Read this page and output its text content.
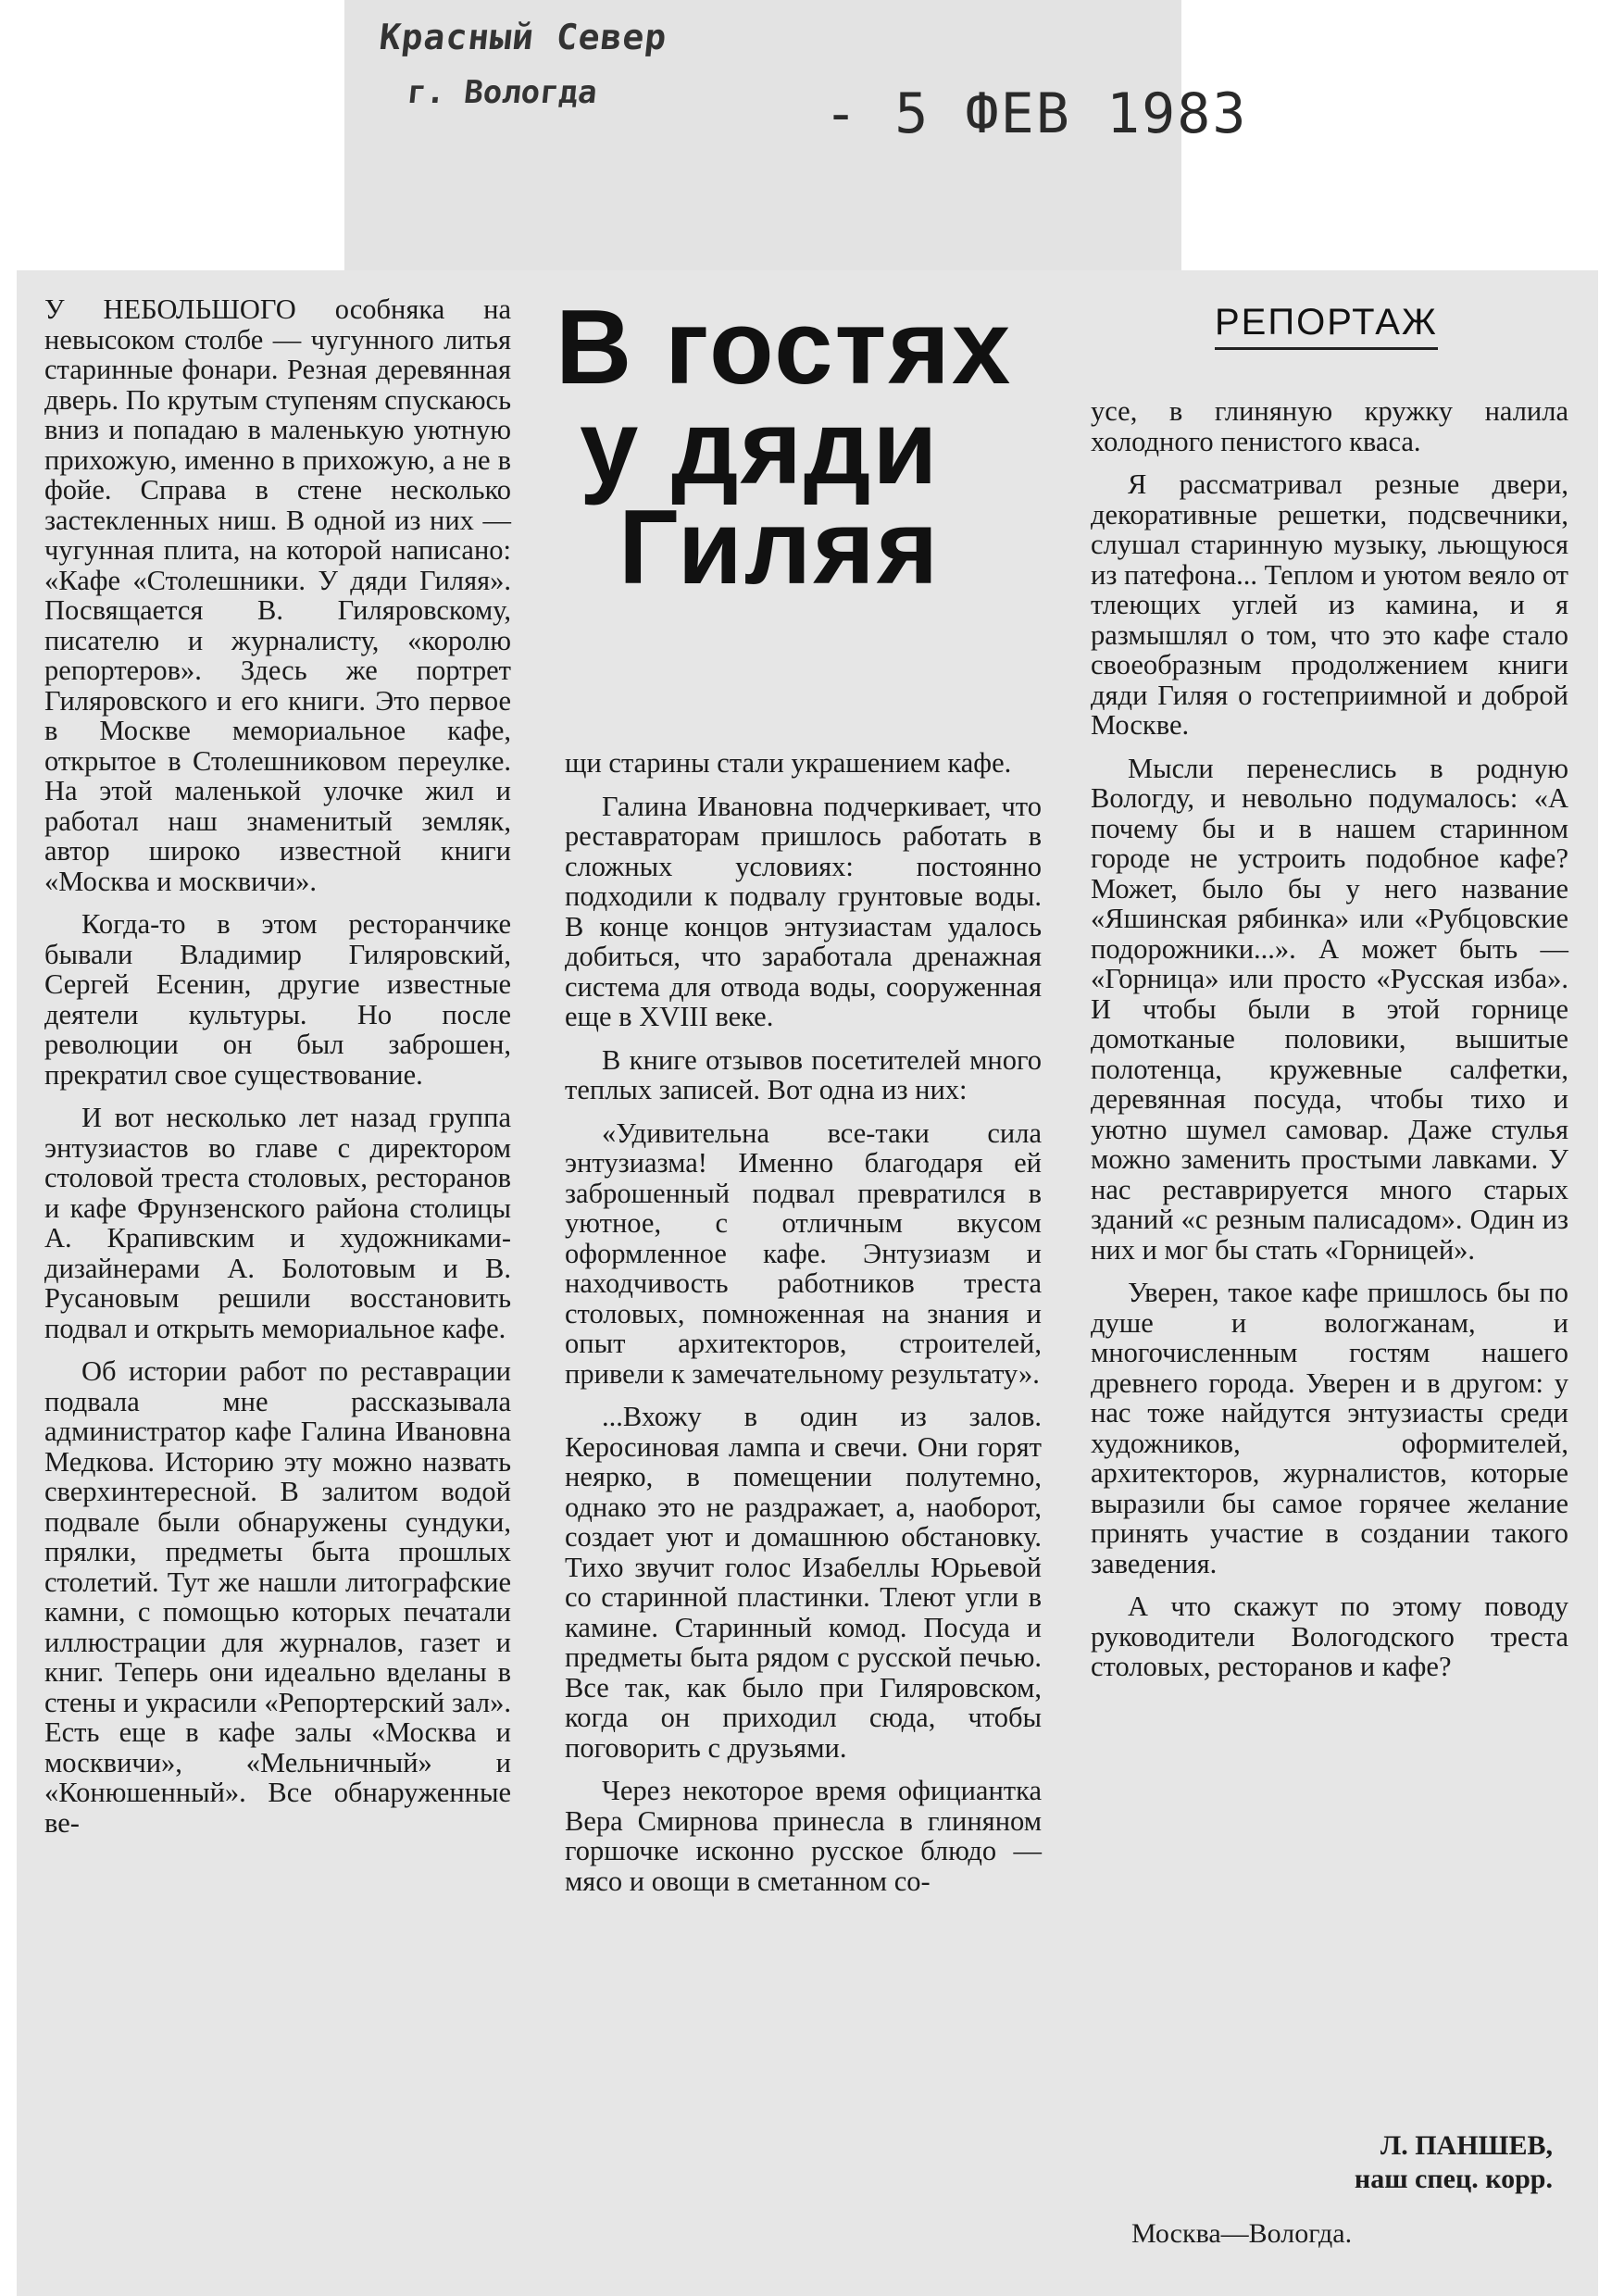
Красный Север
г. Вологда	- 5 ФЕВ 1983
В гостях
у дяди
Гиляя
РЕПОРТАЖ

У НЕБОЛЬШОГО особняка на невысоком столбе — чугунного литья старинные фонари. Резная деревянная дверь. По крутым ступеням спускаюсь вниз и попадаю в маленькую уютную прихожую, именно в прихожую, а не в фойе. Справа в стене несколько застекленных ниш. В одной из них — чугунная плита, на которой написано: «Кафе «Столешники. У дяди Гиляя». Посвящается В. Гиляровскому, писателю и журналисту, «королю репортеров». Здесь же портрет Гиляровского и его книги. Это первое в Москве мемориальное кафе, открытое в Столешниковом переулке. На этой маленькой улочке жил и работал наш знаменитый земляк, автор широко известной книги «Москва и москвичи».

Когда-то в этом ресторанчике бывали Владимир Гиляровский, Сергей Есенин, другие известные деятели культуры. Но после революции он был заброшен, прекратил свое существование.

И вот несколько лет назад группа энтузиастов во главе с директором столовой треста столовых, ресторанов и кафе Фрунзенского района столицы А. Крапивским и художниками-дизайнерами А. Болотовым и В. Русановым решили восстановить подвал и открыть мемориальное кафе.

Об истории работ по реставрации подвала мне рассказывала администратор кафе Галина Ивановна Медкова. Историю эту можно назвать сверхинтересной. В залитом водой подвале были обнаружены сундуки, прялки, предметы быта прошлых столетий. Тут же нашли литографские камни, с помощью которых печатали иллюстрации для журналов, газет и книг. Теперь они идеально вделаны в стены и украсили «Репортерский зал». Есть еще в кафе залы «Москва и москвичи», «Мельничный» и «Конюшенный». Все обнаруженные ве-

щи старины стали украшением кафе.

Галина Ивановна подчеркивает, что реставраторам пришлось работать в сложных условиях: постоянно подходили к подвалу грунтовые воды. В конце концов энтузиастам удалось добиться, что заработала дренажная система для отвода воды, сооруженная еще в XVIII веке.

В книге отзывов посетителей много теплых записей. Вот одна из них:

«Удивительна все-таки сила энтузиазма! Именно благодаря ей заброшенный подвал превратился в уютное, с отличным вкусом оформленное кафе. Энтузиазм и находчивость работников треста столовых, помноженная на знания и опыт архитекторов, строителей, привели к замечательному результату».

...Вхожу в один из залов. Керосиновая лампа и свечи. Они горят неярко, в помещении полутемно, однако это не раздражает, а, наоборот, создает уют и домашнюю обстановку. Тихо звучит голос Изабеллы Юрьевой со старинной пластинки. Тлеют угли в камине. Старинный комод. Посуда и предметы быта рядом с русской печью. Все так, как было при Гиляровском, когда он приходил сюда, чтобы поговорить с друзьями.

Через некоторое время официантка Вера Смирнова принесла в глиняном горшочке исконно русское блюдо — мясо и овощи в сметанном со-

усе, в глиняную кружку налила холодного пенистого кваса.

Я рассматривал резные двери, декоративные решетки, подсвечники, слушал старинную музыку, льющуюся из патефона... Теплом и уютом веяло от тлеющих углей из камина, и я размышлял о том, что это кафе стало своеобразным продолжением книги дяди Гиляя о гостеприимной и доброй Москве.

Мысли перенеслись в родную Вологду, и невольно подумалось: «А почему бы и в нашем старинном городе не устроить подобное кафе? Может, было бы у него название «Яшинская рябинка» или «Рубцовские подорожники...». А может быть — «Горница» или просто «Русская изба». И чтобы были в этой горнице домотканые половики, вышитые полотенца, кружевные салфетки, деревянная посуда, чтобы тихо и уютно шумел самовар. Даже стулья можно заменить простыми лавками. У нас реставрируется много старых зданий «с резным палисадом». Один из них и мог бы стать «Горницей».

Уверен, такое кафе пришлось бы по душе и вологжанам, и многочисленным гостям нашего древнего города. Уверен и в другом: у нас тоже найдутся энтузиасты среди художников, оформителей, архитекторов, журналистов, которые выразили бы самое горячее желание принять участие в создании такого заведения.

А что скажут по этому поводу руководители Вологодского треста столовых, ресторанов и кафе?

Л. ПАНШЕВ,
наш спец. корр.
Москва—Вологда.
